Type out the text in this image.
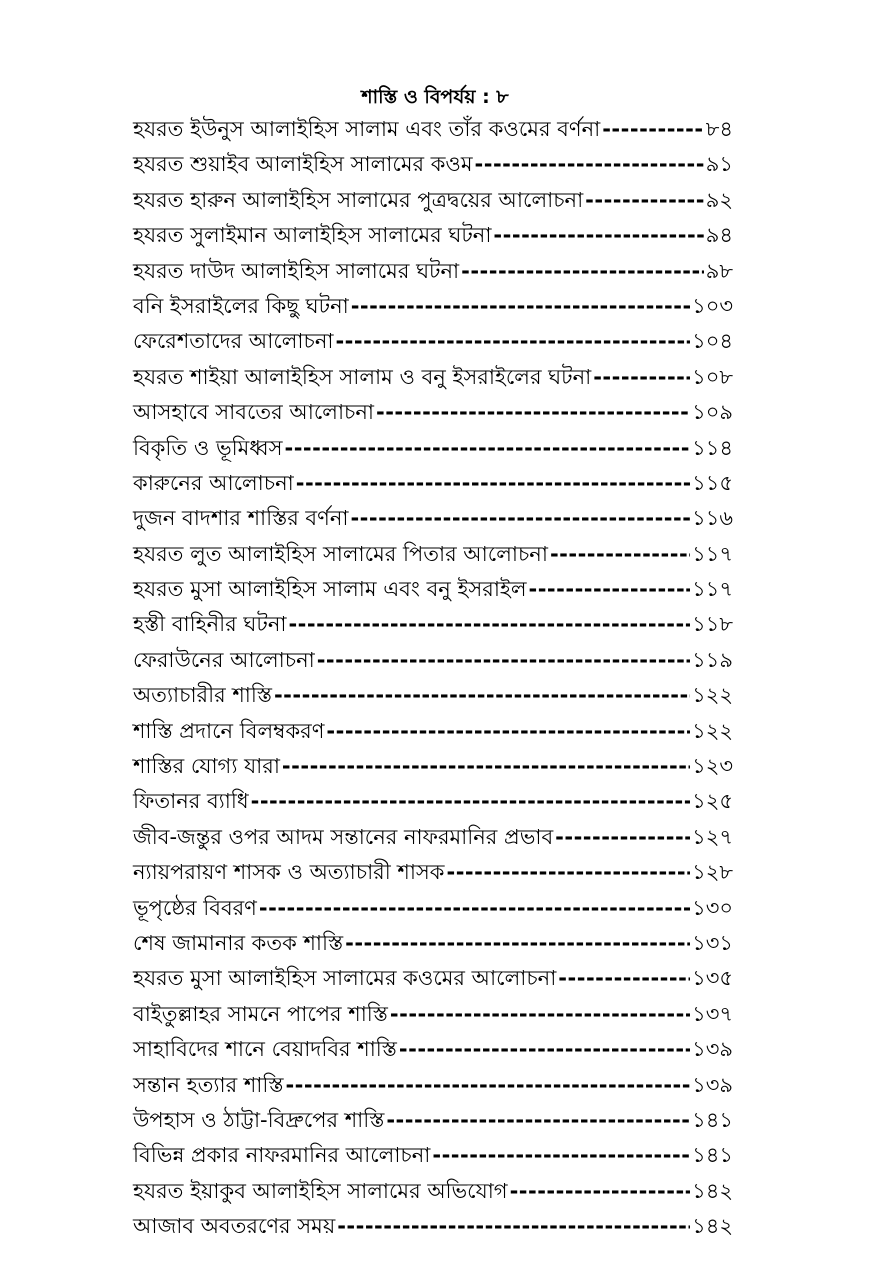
শাস্তি ও বিপর্যয় : ৮
হযরত ইউনুস আলাইহিস সালাম এবং তাঁর কওমের বর্ণনা -----	৮৪
হযরত শুয়াইব আলাইহিস সালামের কওম -----	৯১
হযরত হারুন আলাইহিস সালামের পুত্রদ্বয়ের আলোচনা -----	৯২
হযরত সুলাইমান আলাইহিস সালামের ঘটনা -----	৯৪
হযরত দাউদ আলাইহিস সালামের ঘটনা -----	৯৮
বনি ইসরাইলের কিছু ঘটনা -----	১০৩
ফেরেশতাদের আলোচনা -----	১০৪
হযরত শাইয়া আলাইহিস সালাম ও বনু ইসরাইলের ঘটনা -----	১০৮
আসহাবে সাবতের আলোচনা -----	১০৯
বিকৃতি ও ভূমিধ্বস -----	১১৪
কারুনের আলোচনা -----	১১৫
দুজন বাদশার শাস্তির বর্ণনা -----	১১৬
হযরত লুত আলাইহিস সালামের পিতার আলোচনা -----	১১৭
হযরত মুসা আলাইহিস সালাম এবং বনু ইসরাইল -----	১১৭
হস্তী বাহিনীর ঘটনা -----	১১৮
ফেরাউনের আলোচনা -----	১১৯
অত্যাচারীর শাস্তি -----	১২২
শাস্তি প্রদানে বিলম্বকরণ -----	১২২
শাস্তির যোগ্য যারা -----	১২৩
ফিতানর ব্যাধি -----	১২৫
জীব-জন্তুর ওপর আদম সন্তানের নাফরমানির প্রভাব -----	১২৭
ন্যায়পরায়ণ শাসক ও অত্যাচারী শাসক -----	১২৮
ভূপৃষ্ঠের বিবরণ -----	১৩০
শেষ জামানার কতক শাস্তি -----	১৩১
হযরত মুসা আলাইহিস সালামের কওমের আলোচনা -----	১৩৫
বাইতুল্লাহর সামনে পাপের শাস্তি -----	১৩৭
সাহাবিদের শানে বেয়াদবির শাস্তি -----	১৩৯
সন্তান হত্যার শাস্তি -----	১৩৯
উপহাস ও ঠাট্টা-বিদ্রুপের শাস্তি -----	১৪১
বিভিন্ন প্রকার নাফরমানির আলোচনা -----	১৪১
হযরত ইয়াকুব আলাইহিস সালামের অভিযোগ -----	১৪২
আজাব অবতরণের সময় -----	১৪২
